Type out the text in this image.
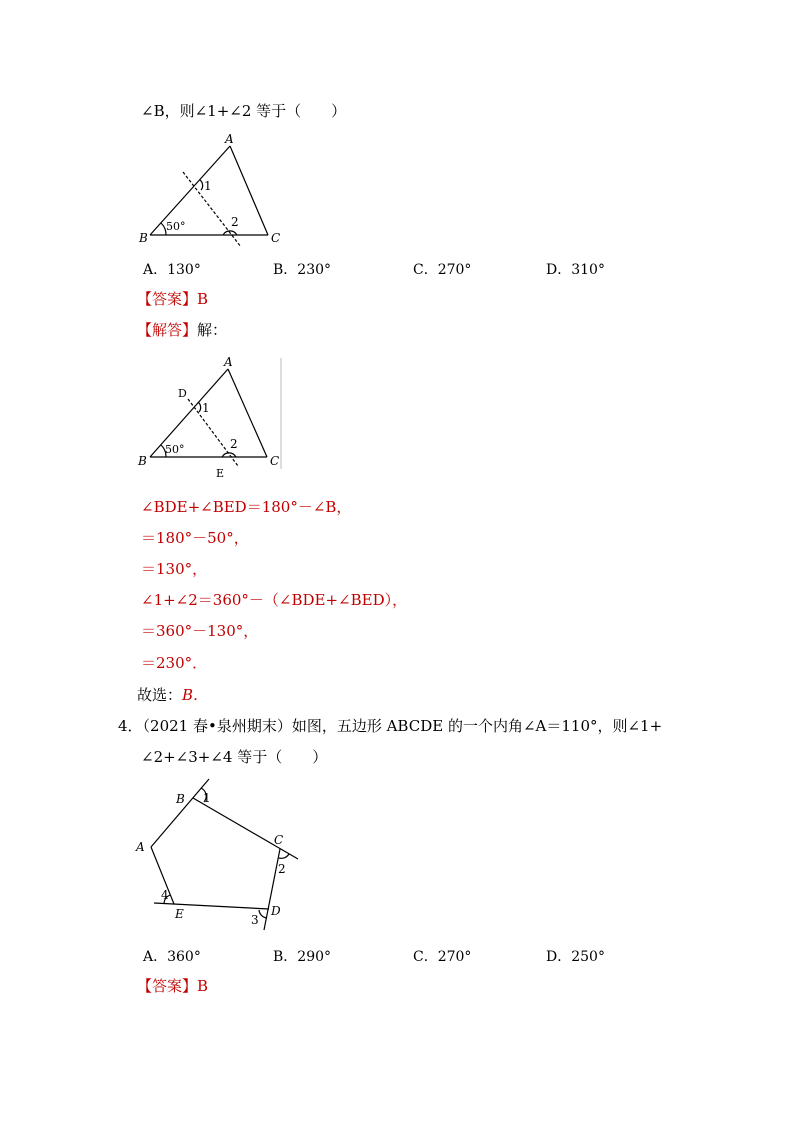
∠B，则∠1+∠2 等于（　　）
A
B	C
1
2
50°
A．130°	B．230°	C．270°	D．310°
【答案】B
【解答】解：
A
B	C
D
E
1
2
50°
∠BDE+∠BED＝180°－∠B，
＝180°－50°，
＝130°，
∠1+∠2＝360°－（∠BDE+∠BED），
＝360°－130°，
＝230°．
故选：B．
4．（2021 春•泉州期末）如图，五边形 ABCDE 的一个内角∠A＝110°，则∠1+
∠2+∠3+∠4 等于（　　）
B
A	C
D
E
1
2
3
4
A．360°	B．290°	C．270°	D．250°
【答案】B
